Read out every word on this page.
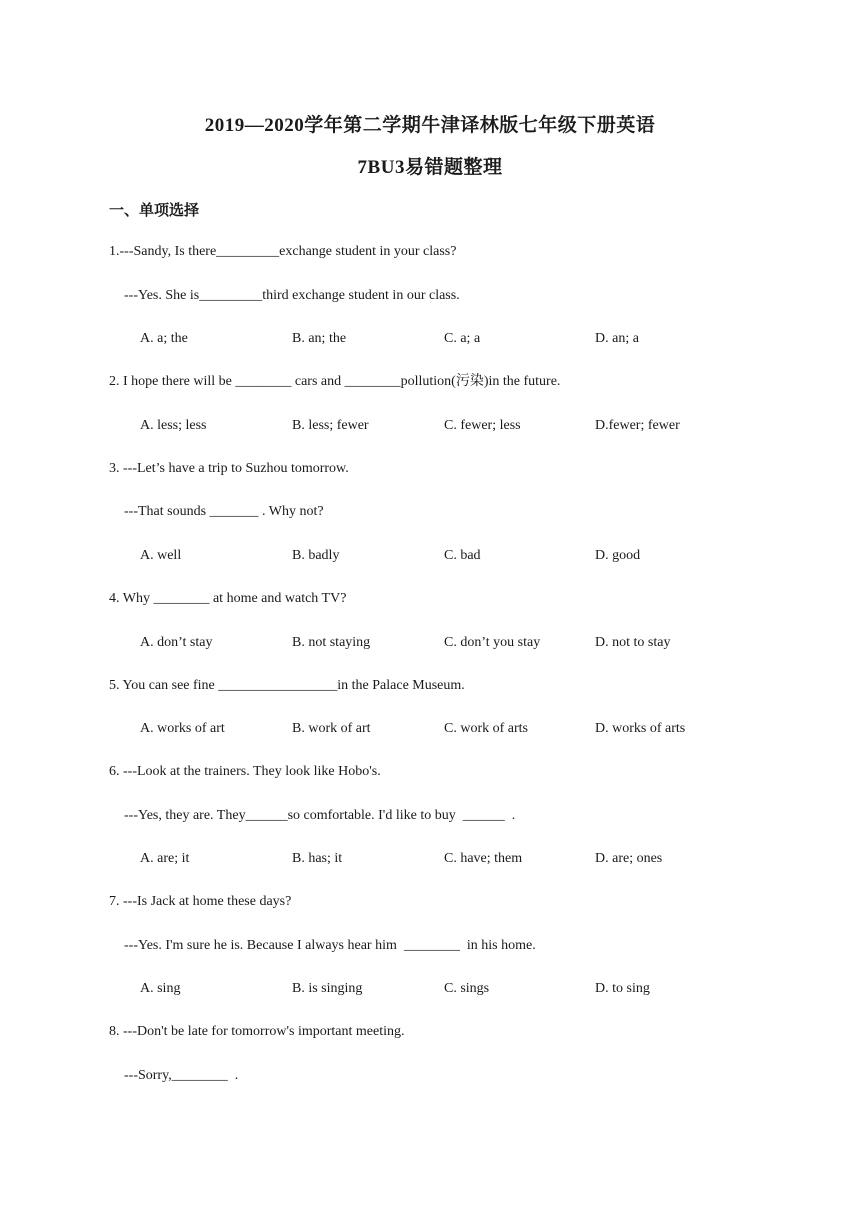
2019—2020学年第二学期牛津译林版七年级下册英语
7BU3易错题整理
一、单项选择
1.---Sandy, Is there_________exchange student in your class?
---Yes. She is_________third exchange student in our class.
A. a; the	B. an; the	C. a; a	D. an; a
2. I hope there will be ________ cars and ________pollution(污染)in the future.
A. less; less	B. less; fewer	C. fewer; less	D.fewer; fewer
3. ---Let’s have a trip to Suzhou tomorrow.
---That sounds _______ . Why not?
A. well	B. badly	C. bad	D. good
4. Why ________ at home and watch TV?
A. don’t stay	B. not staying	C. don’t you stay	D. not to stay
5. You can see fine _________________in the Palace Museum.
A. works of art	B. work of art	C. work of arts	D. works of arts
6. ---Look at the trainers. They look like Hobo's.
---Yes, they are. They______so comfortable. I'd like to buy  ______  .
A. are; it	B. has; it	C. have; them	D. are; ones
7. ---Is Jack at home these days?
---Yes. I'm sure he is. Because I always hear him  ________  in his home.
A. sing	B. is singing	C. sings	D. to sing
8. ---Don't be late for tomorrow's important meeting.
---Sorry,________  .
